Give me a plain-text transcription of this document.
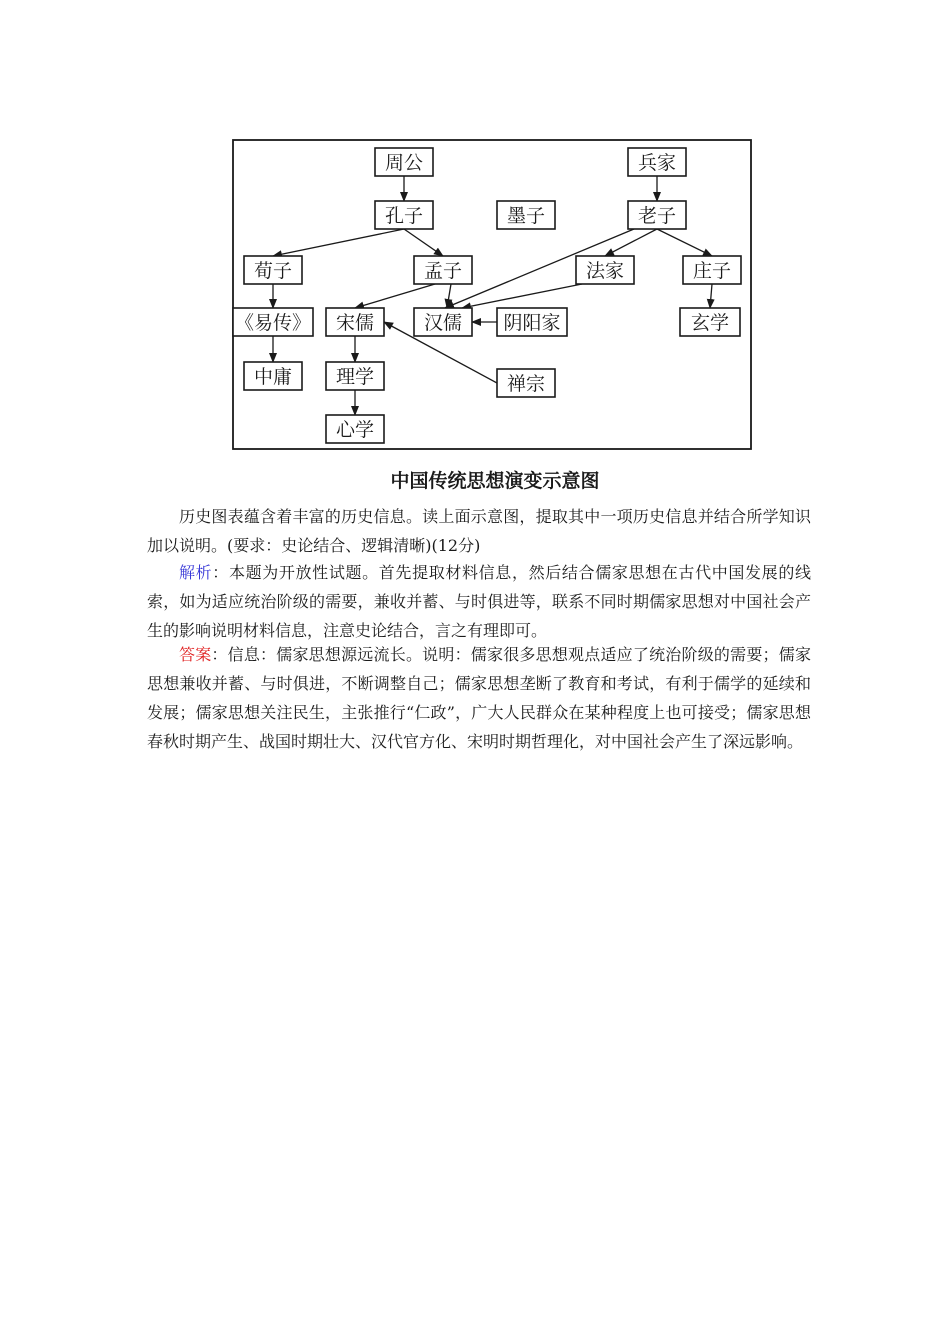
周公	兵家
孔子	墨子	老子
荀子	孟子	法家	庄子
《易传》 宋儒	汉儒 阴阳家	玄学
中庸 理学	禅宗
心学
中国传统思想演变示意图

历史图表蕴含着丰富的历史信息。读上面示意图，提取其中一项历史信息并结合所学知识加以说明。(要求：史论结合、逻辑清晰)(12分)

解析：本题为开放性试题。首先提取材料信息，然后结合儒家思想在古代中国发展的线索，如为适应统治阶级的需要，兼收并蓄、与时俱进等，联系不同时期儒家思想对中国社会产生的影响说明材料信息，注意史论结合，言之有理即可。

答案：信息：儒家思想源远流长。说明：儒家很多思想观点适应了统治阶级的需要；儒家思想兼收并蓄、与时俱进，不断调整自己；儒家思想垄断了教育和考试，有利于儒学的延续和发展；儒家思想关注民生，主张推行“仁政”，广大人民群众在某种程度上也可接受；儒家思想春秋时期产生、战国时期壮大、汉代官方化、宋明时期哲理化，对中国社会产生了深远影响。
